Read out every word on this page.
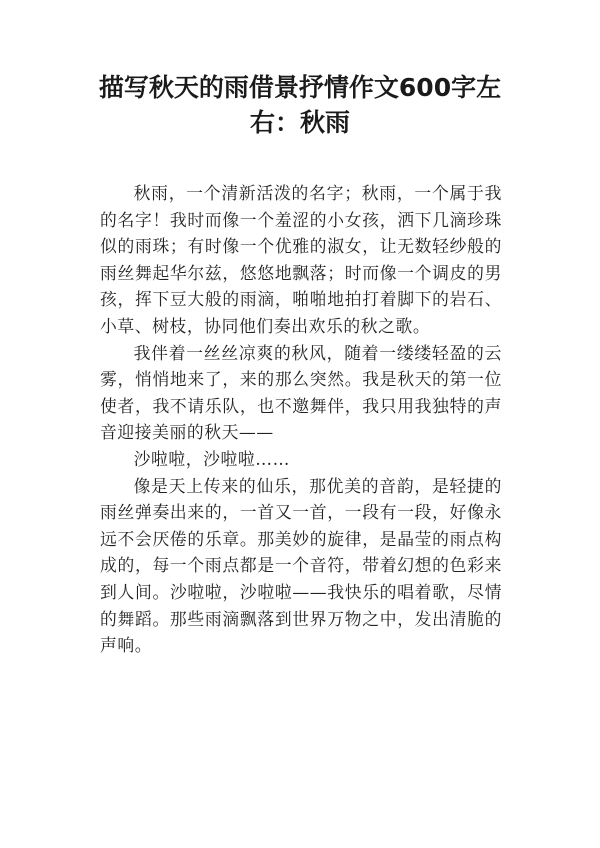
描写秋天的雨借景抒情作文600字左右：秋雨

秋雨，一个清新活泼的名字；秋雨，一个属于我的名字！我时而像一个羞涩的小女孩，洒下几滴珍珠似的雨珠；有时像一个优雅的淑女，让无数轻纱般的雨丝舞起华尔兹，悠悠地飘落；时而像一个调皮的男孩，挥下豆大般的雨滴，啪啪地拍打着脚下的岩石、小草、树枝，协同他们奏出欢乐的秋之歌。

我伴着一丝丝凉爽的秋风，随着一缕缕轻盈的云雾，悄悄地来了，来的那么突然。我是秋天的第一位使者，我不请乐队，也不邀舞伴，我只用我独特的声音迎接美丽的秋天——

沙啦啦，沙啦啦……

像是天上传来的仙乐，那优美的音韵，是轻捷的雨丝弹奏出来的，一首又一首，一段有一段，好像永远不会厌倦的乐章。那美妙的旋律，是晶莹的雨点构成的，每一个雨点都是一个音符，带着幻想的色彩来到人间。沙啦啦，沙啦啦——我快乐的唱着歌，尽情的舞蹈。那些雨滴飘落到世界万物之中，发出清脆的声响。
